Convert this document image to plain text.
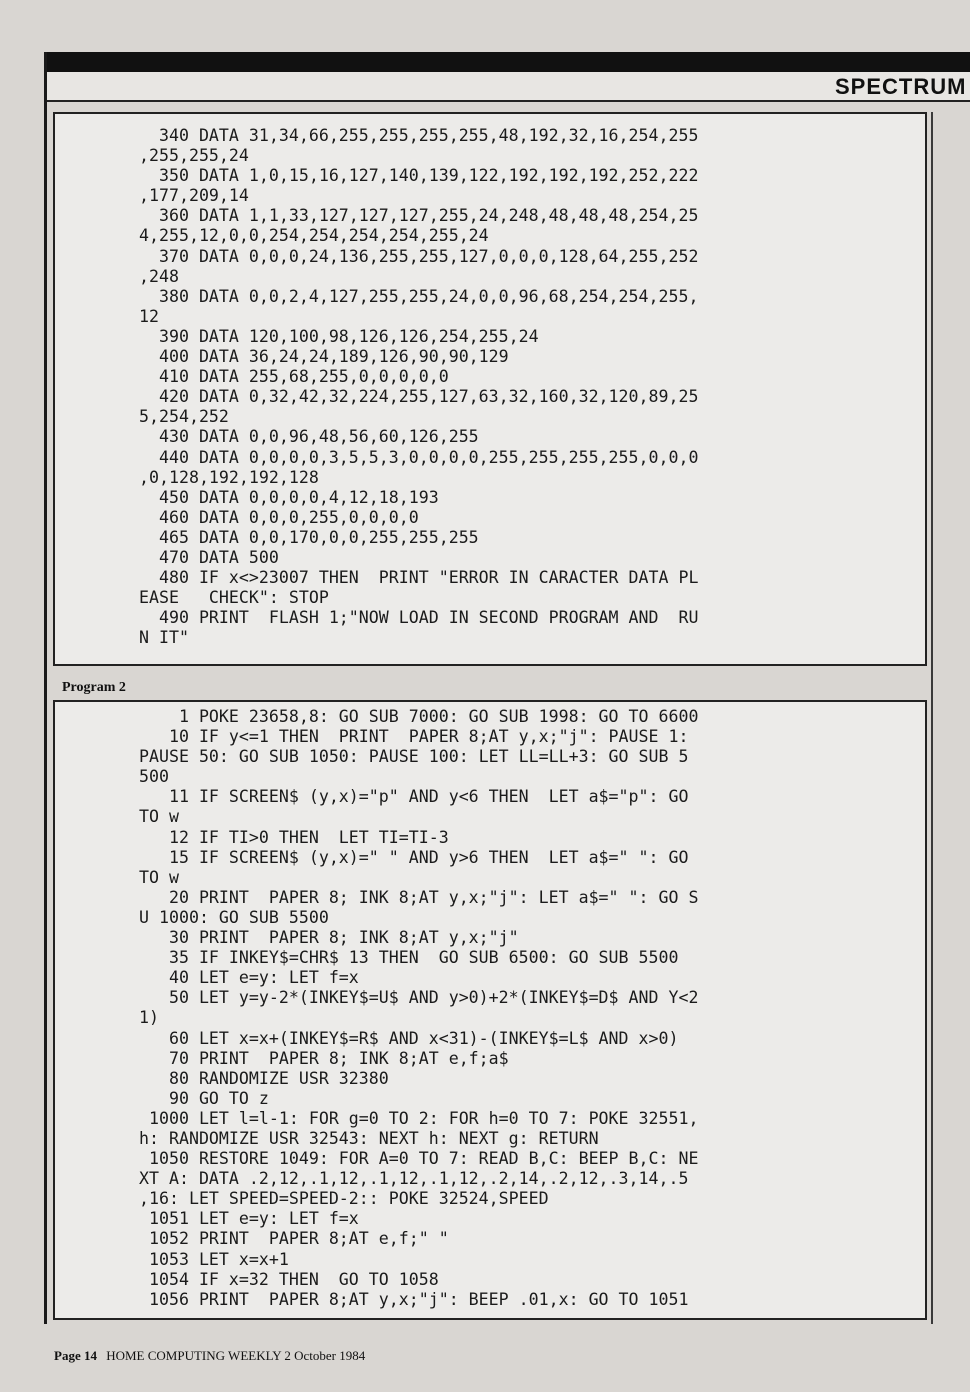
SPECTRUM
340 DATA 31,34,66,255,255,255,255,48,192,32,16,254,255
,255,255,24
350 DATA 1,0,15,16,127,140,139,122,192,192,192,252,222
,177,209,14
360 DATA 1,1,33,127,127,127,255,24,248,48,48,48,254,25
4,255,12,0,0,254,254,254,254,255,24
370 DATA 0,0,0,24,136,255,255,127,0,0,0,128,64,255,252
,248
380 DATA 0,0,2,4,127,255,255,24,0,0,96,68,254,254,255,
12
390 DATA 120,100,98,126,126,254,255,24
400 DATA 36,24,24,189,126,90,90,129
410 DATA 255,68,255,0,0,0,0,0
420 DATA 0,32,42,32,224,255,127,63,32,160,32,120,89,25
5,254,252
430 DATA 0,0,96,48,56,60,126,255
440 DATA 0,0,0,0,3,5,5,3,0,0,0,0,255,255,255,255,0,0,0
,0,128,192,192,128
450 DATA 0,0,0,0,4,12,18,193
460 DATA 0,0,0,255,0,0,0,0
465 DATA 0,0,170,0,0,255,255,255
470 DATA 500
480 IF x<>23007 THEN  PRINT "ERROR IN CARACTER DATA PL
EASE   CHECK": STOP
490 PRINT  FLASH 1;"NOW LOAD IN SECOND PROGRAM AND  RU
N IT"

Program 2
1 POKE 23658,8: GO SUB 7000: GO SUB 1998: GO TO 6600
10 IF y<=1 THEN  PRINT  PAPER 8;AT y,x;"j": PAUSE 1:
PAUSE 50: GO SUB 1050: PAUSE 100: LET LL=LL+3: GO SUB 5
500
11 IF SCREEN$ (y,x)="p" AND y<6 THEN  LET a$="p": GO
TO w
12 IF TI>0 THEN  LET TI=TI-3
15 IF SCREEN$ (y,x)=" " AND y>6 THEN  LET a$=" ": GO
TO w
20 PRINT  PAPER 8; INK 8;AT y,x;"j": LET a$=" ": GO S
U 1000: GO SUB 5500
30 PRINT  PAPER 8; INK 8;AT y,x;"j"
35 IF INKEY$=CHR$ 13 THEN  GO SUB 6500: GO SUB 5500
40 LET e=y: LET f=x
50 LET y=y-2*(INKEY$=U$ AND y>0)+2*(INKEY$=D$ AND Y<2
1)
60 LET x=x+(INKEY$=R$ AND x<31)-(INKEY$=L$ AND x>0)
70 PRINT  PAPER 8; INK 8;AT e,f;a$
80 RANDOMIZE USR 32380
90 GO TO z
1000 LET l=l-1: FOR g=0 TO 2: FOR h=0 TO 7: POKE 32551,
h: RANDOMIZE USR 32543: NEXT h: NEXT g: RETURN
1050 RESTORE 1049: FOR A=0 TO 7: READ B,C: BEEP B,C: NE
XT A: DATA .2,12,.1,12,.1,12,.1,12,.2,14,.2,12,.3,14,.5
,16: LET SPEED=SPEED-2:: POKE 32524,SPEED
1051 LET e=y: LET f=x
1052 PRINT  PAPER 8;AT e,f;" "
1053 LET x=x+1
1054 IF x=32 THEN  GO TO 1058
1056 PRINT  PAPER 8;AT y,x;"j": BEEP .01,x: GO TO 1051

Page 14 HOME COMPUTING WEEKLY 2 October 1984
